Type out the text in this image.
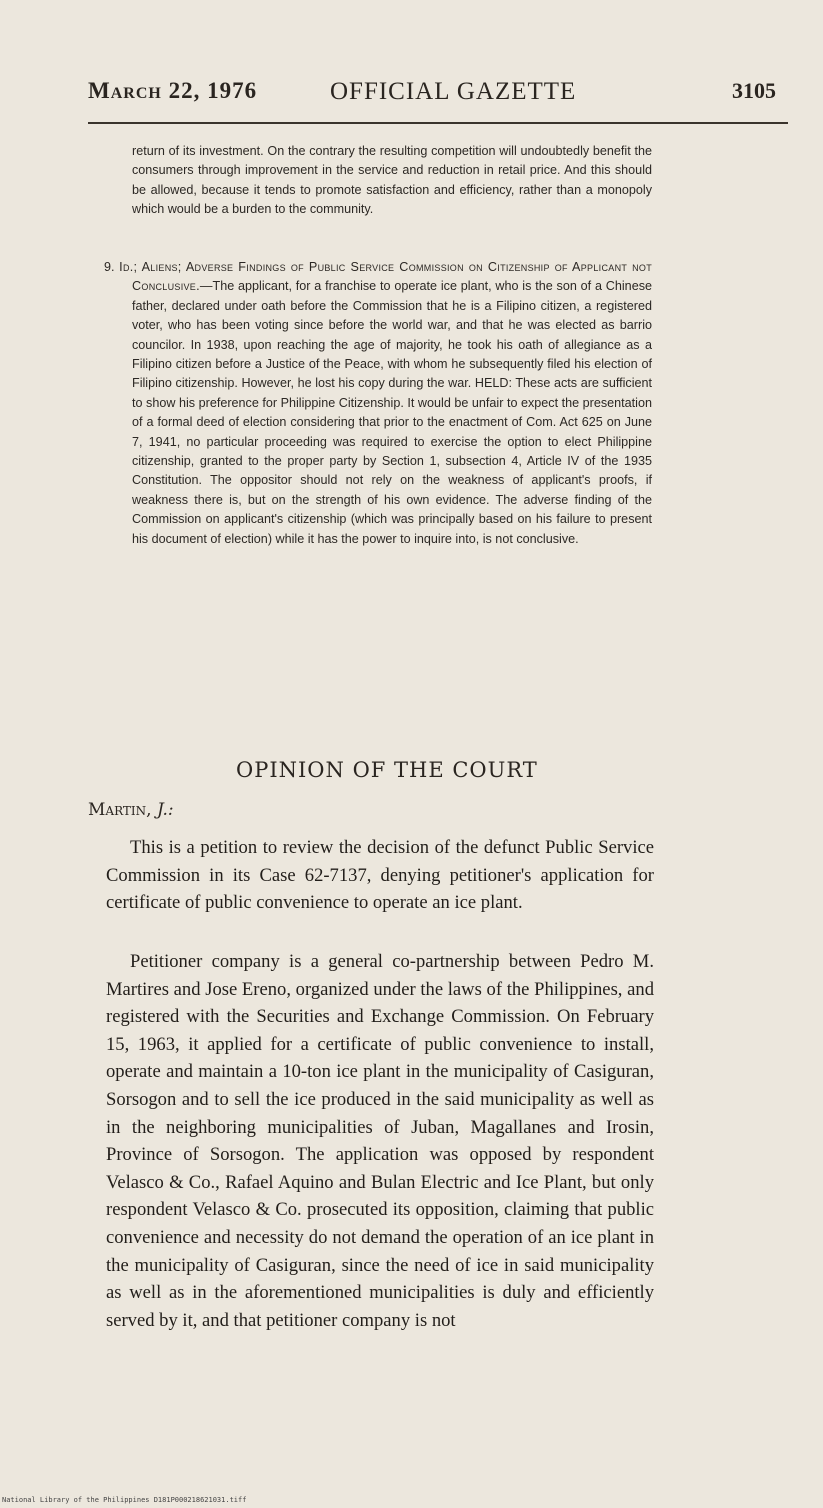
March 22, 1976	OFFICIAL GAZETTE	3105

return of its investment. On the contrary the resulting competition will undoubtedly benefit the consumers through improvement in the service and reduction in retail price. And this should be allowed, because it tends to promote satisfaction and efficiency, rather than a monopoly which would be a burden to the community.

9. Id.; Aliens; Adverse Findings of Public Service Commission on Citizenship of Applicant not Conclusive.—The applicant, for a franchise to operate ice plant, who is the son of a Chinese father, declared under oath before the Commission that he is a Filipino citizen, a registered voter, who has been voting since before the world war, and that he was elected as barrio councilor. In 1938, upon reaching the age of majority, he took his oath of allegiance as a Filipino citizen before a Justice of the Peace, with whom he subsequently filed his election of Filipino citizenship. However, he lost his copy during the war. HELD: These acts are sufficient to show his preference for Philippine Citizenship. It would be unfair to expect the presentation of a formal deed of election considering that prior to the enactment of Com. Act 625 on June 7, 1941, no particular proceeding was required to exercise the option to elect Philippine citizenship, granted to the proper party by Section 1, subsection 4, Article IV of the 1935 Constitution. The oppositor should not rely on the weakness of applicant's proofs, if weakness there is, but on the strength of his own evidence. The adverse finding of the Commission on applicant's citizenship (which was principally based on his failure to present his document of election) while it has the power to inquire into, is not conclusive.

OPINION OF THE COURT
Martin, J.:

This is a petition to review the decision of the defunct Public Service Commission in its Case 62-7137, denying petitioner's application for certificate of public convenience to operate an ice plant.

Petitioner company is a general co-partnership between Pedro M. Martires and Jose Ereno, organized under the laws of the Philippines, and registered with the Securities and Exchange Commission. On February 15, 1963, it applied for a certificate of public convenience to install, operate and maintain a 10-ton ice plant in the municipality of Casiguran, Sorsogon and to sell the ice produced in the said municipality as well as in the neighboring municipalities of Juban, Magallanes and Irosin, Province of Sorsogon. The application was opposed by respondent Velasco & Co., Rafael Aquino and Bulan Electric and Ice Plant, but only respondent Velasco & Co. prosecuted its opposition, claiming that public convenience and necessity do not demand the operation of an ice plant in the municipality of Casiguran, since the need of ice in said municipality as well as in the aforementioned municipalities is duly and efficiently served by it, and that petitioner company is not

National Library of the Philippines D181P000218621031.tiff
